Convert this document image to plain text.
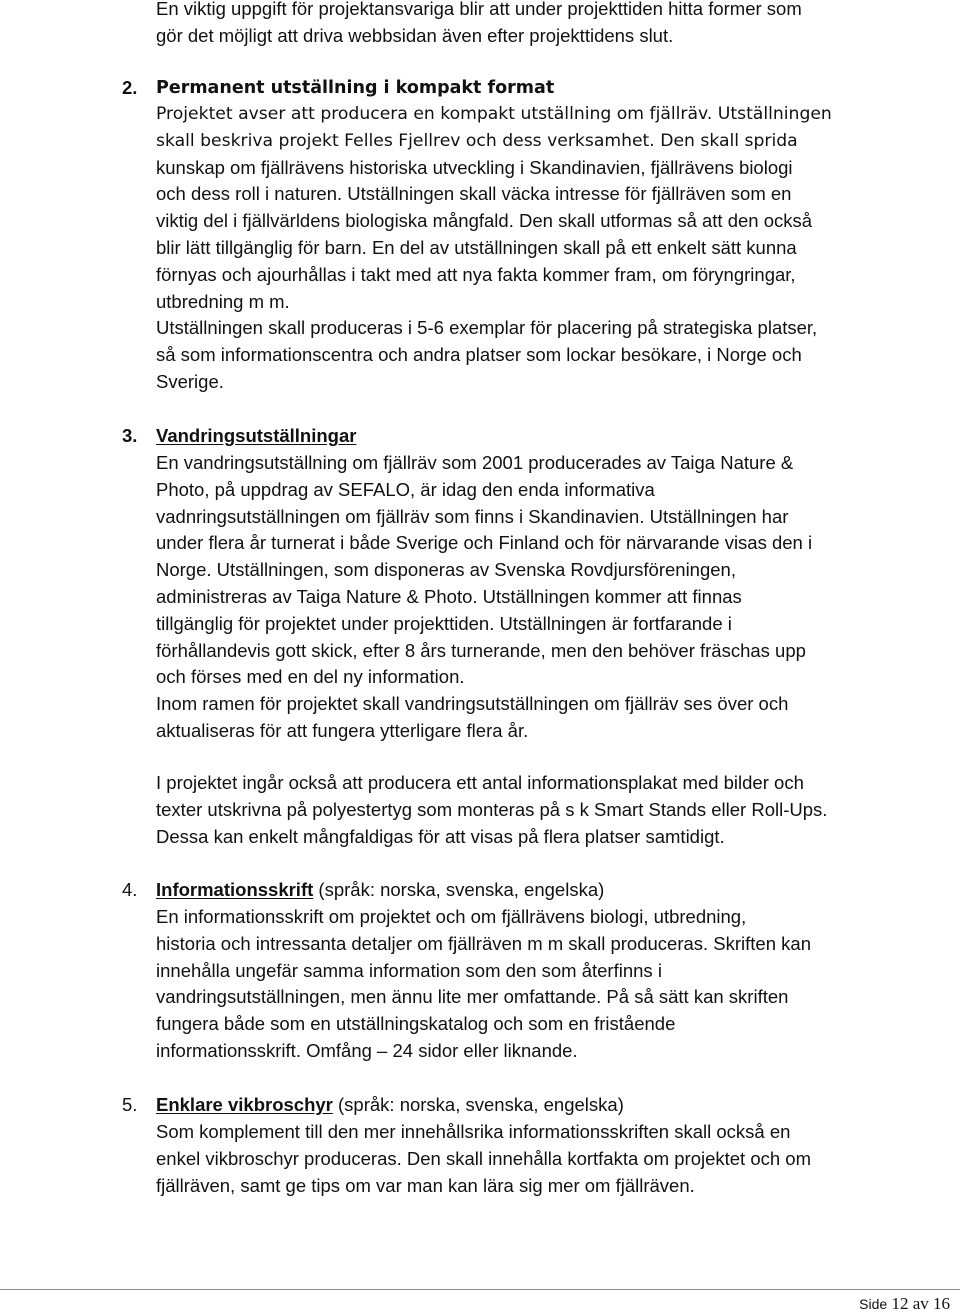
En viktig uppgift för projektansvariga blir att under projekttiden hitta former som
gör det möjligt att driva webbsidan även efter projekttidens slut.

2. Permanent utställning i kompakt format

Projektet avser att producera en kompakt utställning om fjällräv. Utställningen
skall beskriva projekt Felles Fjellrev och dess verksamhet. Den skall sprida
kunskap om fjällrävens historiska utveckling i Skandinavien, fjällrävens biologi
och dess roll i naturen. Utställningen skall väcka intresse för fjällräven som en
viktig del i fjällvärldens biologiska mångfald. Den skall utformas så att den också
blir lätt tillgänglig för barn. En del av utställningen skall på ett enkelt sätt kunna
förnyas och ajourhållas i takt med att nya fakta kommer fram, om föryngringar,
utbredning m m.
Utställningen skall produceras i 5-6 exemplar för placering på strategiska platser,
så som informationscentra och andra platser som lockar besökare, i Norge och
Sverige.

3. Vandringsutställningar

En vandringsutställning om fjällräv som 2001 producerades av Taiga Nature &
Photo, på uppdrag av SEFALO, är idag den enda informativa
vadnringsutställningen om fjällräv som finns i Skandinavien. Utställningen har
under flera år turnerat i både Sverige och Finland och för närvarande visas den i
Norge. Utställningen, som disponeras av Svenska Rovdjursföreningen,
administreras av Taiga Nature & Photo. Utställningen kommer att finnas
tillgänglig för projektet under projekttiden. Utställningen är fortfarande i
förhållandevis gott skick, efter 8 års turnerande, men den behöver fräschas upp
och förses med en del ny information.
Inom ramen för projektet skall vandringsutställningen om fjällräv ses över och
aktualiseras för att fungera ytterligare flera år.

I projektet ingår också att producera ett antal informationsplakat med bilder och
texter utskrivna på polyestertyg som monteras på s k Smart Stands eller Roll-Ups.
Dessa kan enkelt mångfaldigas för att visas på flera platser samtidigt.

4. Informationsskrift (språk: norska, svenska, engelska)

En informationsskrift om projektet och om fjällrävens biologi, utbredning,
historia och intressanta detaljer om fjällräven m m skall produceras. Skriften kan
innehålla ungefär samma information som den som återfinns i
vandringsutställningen, men ännu lite mer omfattande. På så sätt kan skriften
fungera både som en utställningskatalog och som en fristående
informationsskrift. Omfång – 24 sidor eller liknande.

5. Enklare vikbroschyr (språk: norska, svenska, engelska)

Som komplement till den mer innehållsrika informationsskriften skall också en
enkel vikbroschyr produceras. Den skall innehålla kortfakta om projektet och om
fjällräven, samt ge tips om var man kan lära sig mer om fjällräven.

Side 12 av 16
